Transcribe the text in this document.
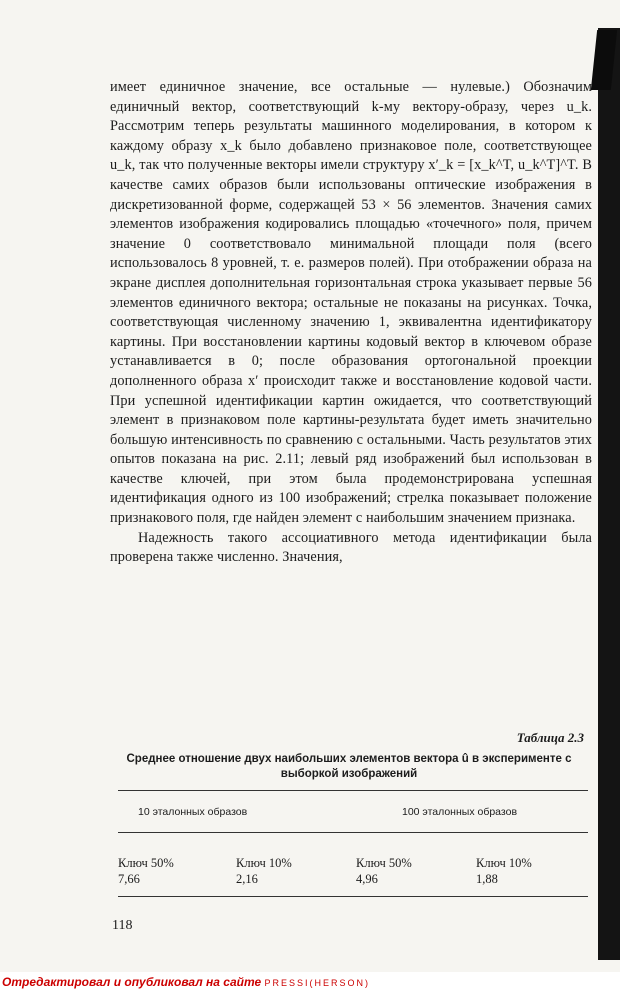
имеет единичное значение, все остальные — нулевые.) Обозначим единичный вектор, соответствующий k-му вектору-образу, через u_k. Рассмотрим теперь результаты машинного моделирования, в котором к каждому образу x_k было добавлено признаковое поле, соответствующее u_k, так что полученные векторы имели структуру x′_k = [x_k^T, u_k^T]^T. В качестве самих образов были использованы оптические изображения в дискретизованной форме, содержащей 53 × 56 элементов. Значения самих элементов изображения кодировались площадью «точечного» поля, причем значение 0 соответствовало минимальной площади поля (всего использовалось 8 уровней, т. е. размеров полей). При отображении образа на экране дисплея дополнительная горизонтальная строка указывает первые 56 элементов единичного вектора; остальные не показаны на рисунках. Точка, соответствующая численному значению 1, эквивалентна идентификатору картины. При восстановлении картины кодовый вектор в ключевом образе устанавливается в 0; после образования ортогональной проекции дополненного образа x′ происходит также и восстановление кодовой части. При успешной идентификации картин ожидается, что соответствующий элемент в признаковом поле картины-результата будет иметь значительно большую интенсивность по сравнению с остальными. Часть результатов этих опытов показана на рис. 2.11; левый ряд изображений был использован в качестве ключей, при этом была продемонстрирована успешная идентификация одного из 100 изображений; стрелка показывает положение признакового поля, где найден элемент с наибольшим значением признака.

Надежность такого ассоциативного метода идентификации была проверена также численно. Значения,

Таблица 2.3
Среднее отношение двух наибольших элементов вектора û в эксперименте с выборкой изображений
10 эталонных образов	100 эталонных образов
Ключ 50%
7,66
Ключ 10%
2,16
Ключ 50%
4,96
Ключ 10%
1,88
118
Отредактировал и опубликовал на сайте PRESSI(HERSON)
